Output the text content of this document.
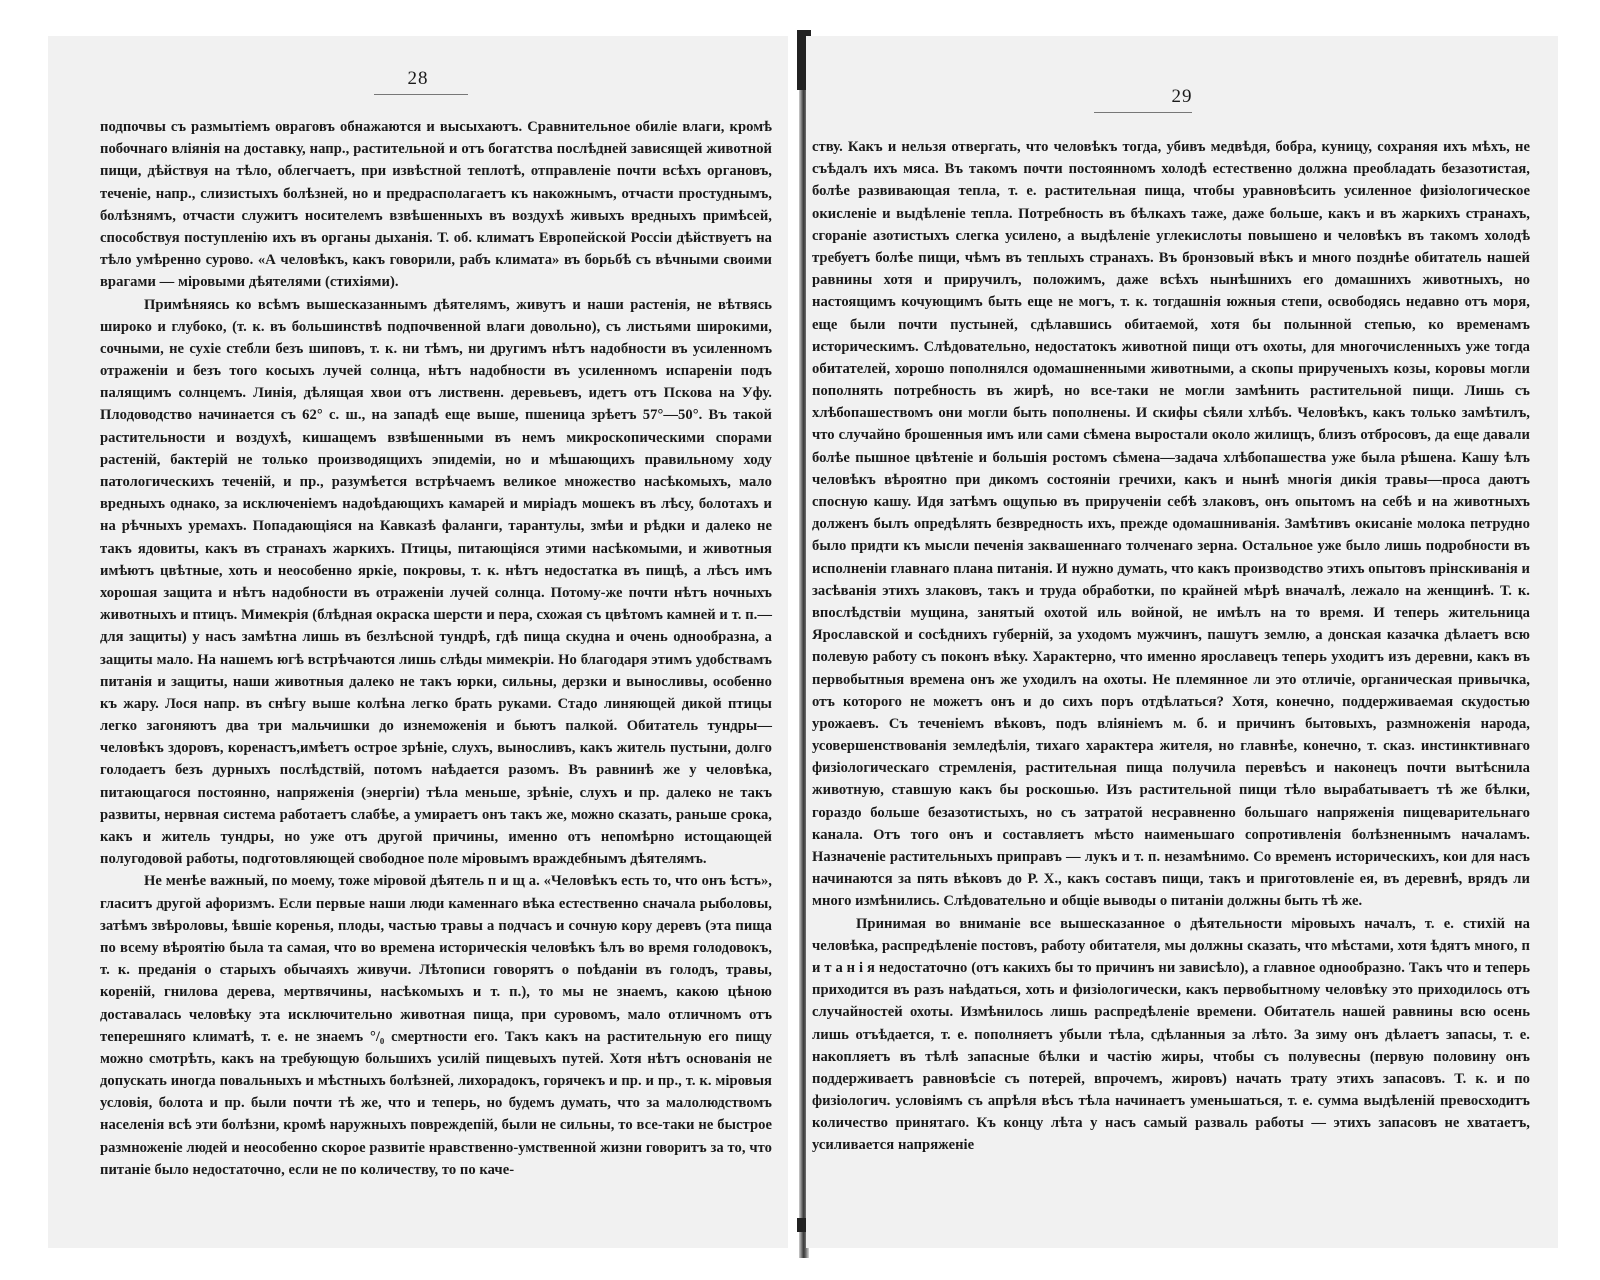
28

подпочвы съ размытіемъ овраговъ обнажаются и высыхаютъ. Сравнительное обиліе влаги, кромѣ побочнаго вліянія на доставку, напр., растительной и отъ богатства послѣдней зависящей животной пищи, дѣйствуя на тѣло, облегчаетъ, при извѣстной теплотѣ, отправленіе почти всѣхъ органовъ, теченіе, напр., слизистыхъ болѣзней, но и предрасполагаетъ къ накожнымъ, отчасти простуднымъ, болѣзнямъ, отчасти служитъ носителемъ взвѣшенныхъ въ воздухѣ живыхъ вредныхъ примѣсей, способствуя поступленію ихъ въ органы дыханія. Т. об. климатъ Европейской Россіи дѣйствуетъ на тѣло умѣренно сурово. «А человѣкъ, какъ говорили, рабъ климата» въ борьбѣ съ вѣчными своими врагами — міровыми дѣятелями (стихіями).

Примѣняясь ко всѣмъ вышесказаннымъ дѣятелямъ, живутъ и наши растенія, не вѣтвясь широко и глубоко, (т. к. въ большинствѣ подпочвенной влаги довольно), съ листьями широкими, сочными, не сухіе стебли безъ шиповъ, т. к. ни тѣмъ, ни другимъ нѣтъ надобности въ усиленномъ отраженіи и безъ того косыхъ лучей солнца, нѣтъ надобности въ усиленномъ испареніи подъ палящимъ солнцемъ. Линія, дѣлящая хвои отъ лиственн. деревьевъ, идетъ отъ Пскова на Уфу. Плодоводство начинается съ 62° с. ш., на западѣ еще выше, пшеница зрѣетъ 57°—50°. Въ такой растительности и воздухѣ, кишащемъ взвѣшенными въ немъ микроскопическими спорами растеній, бактерій не только производящихъ эпидеміи, но и мѣшающихъ правильному ходу патологическихъ теченій, и пр., разумѣется встрѣчаемъ великое множество насѣкомыхъ, мало вредныхъ однако, за исключеніемъ надоѣдающихъ камарей и миріадъ мошекъ въ лѣсу, болотахъ и на рѣчныхъ уремахъ. Попадающіяся на Кавказѣ фаланги, тарантулы, змѣи и рѣдки и далеко не такъ ядовиты, какъ въ странахъ жаркихъ. Птицы, питающіяся этими насѣкомыми, и животныя имѣютъ цвѣтные, хоть и неособенно яркіе, покровы, т. к. нѣтъ недостатка въ пищѣ, а лѣсъ имъ хорошая защита и нѣтъ надобности въ отраженіи лучей солнца. Потому-же почти нѣтъ ночныхъ животныхъ и птицъ. Мимекрія (блѣдная окраска шерсти и пера, схожая съ цвѣтомъ камней и т. п.—для защиты) у насъ замѣтна лишь въ безлѣсной тундрѣ, гдѣ пища скудна и очень однообразна, а защиты мало. На нашемъ югѣ встрѣчаются лишь слѣды мимекріи. Но благодаря этимъ удобствамъ питанія и защиты, наши животныя далеко не такъ юрки, сильны, дерзки и выносливы, особенно къ жару. Лося напр. въ снѣгу выше колѣна легко брать руками. Стадо линяющей дикой птицы легко загоняютъ два три мальчишки до изнеможенія и бьютъ палкой. Обитатель тундры—человѣкъ здоровъ, коренастъ,имѣетъ острое зрѣніе, слухъ, выносливъ, какъ житель пустыни, долго голодаетъ безъ дурныхъ послѣдствій, потомъ наѣдается разомъ. Въ равнинѣ же у человѣка, питающагося постоянно, напряженія (энергіи) тѣла меньше, зрѣніе, слухъ и пр. далеко не такъ развиты, нервная система работаетъ слабѣе, а умираетъ онъ такъ же, можно сказать, раньше срока, какъ и житель тундры, но уже отъ другой причины, именно отъ непомѣрно истощающей полугодовой работы, подготовляющей свободное поле міровымъ враждебнымъ дѣятелямъ.

Не менѣе важный, по моему, тоже міровой дѣятель п и щ а. «Человѣкъ есть то, что онъ ѣстъ», гласитъ другой афоризмъ. Если первые наши люди каменнаго вѣка естественно сначала рыболовы, затѣмъ звѣроловы, ѣвшіе коренья, плоды, частью травы а подчасъ и сочную кору деревъ (эта пища по всему вѣроятію была та самая, что во времена историческія человѣкъ ѣлъ во время голодовокъ, т. к. преданія о старыхъ обычаяхъ живучи. Лѣтописи говорятъ о поѣданіи въ голодъ, травы, кореній, гнилова дерева, мертвячины, насѣкомыхъ и т. п.), то мы не знаемъ, какою цѣною доставалась человѣку эта исключительно животная пища, при суровомъ, мало отличномъ отъ теперешняго климатѣ, т. е. не знаемъ °/₀ смертности его. Такъ какъ на растительную его пищу можно смотрѣть, какъ на требующую большихъ усилій пищевыхъ путей. Хотя нѣтъ основанія не допускать иногда повальныхъ и мѣстныхъ болѣзней, лихорадокъ, горячекъ и пр. и пр., т. к. міровыя условія, болота и пр. были почти тѣ же, что и теперь, но будемъ думать, что за малолюдствомъ населенія всѣ эти болѣзни, кромѣ наружныхъ повреждепій, были не сильны, то все-таки не быстрое размноженіе людей и неособенно скорое развитіе нравственно-умственной жизни говоритъ за то, что питаніе было недостаточно, если не по количеству, то по каче-

29

ству. Какъ и нельзя отвергать, что человѣкъ тогда, убивъ медвѣдя, бобра, куницу, сохраняя ихъ мѣхъ, не съѣдалъ ихъ мяса. Въ такомъ почти постоянномъ холодѣ естественно должна преобладать безазотистая, болѣе развивающая тепла, т. е. растительная пища, чтобы уравновѣсить усиленное физіологическое окисленіе и выдѣленіе тепла. Потребность въ бѣлкахъ таже, даже больше, какъ и въ жаркихъ странахъ, сгораніе азотистыхъ слегка усилено, а выдѣленіе углекислоты повышено и человѣкъ въ такомъ холодѣ требуетъ болѣе пищи, чѣмъ въ теплыхъ странахъ. Въ бронзовый вѣкъ и много позднѣе обитатель нашей равнины хотя и приручилъ, положимъ, даже всѣхъ нынѣшнихъ его домашнихъ животныхъ, но настоящимъ кочующимъ быть еще не могъ, т. к. тогдашнія южныя степи, освободясь недавно отъ моря, еще были почти пустыней, сдѣлавшись обитаемой, хотя бы полынной степью, ко временамъ историческимъ. Слѣдовательно, недостатокъ животной пищи отъ охоты, для многочисленныхъ уже тогда обитателей, хорошо пополнялся одомашненными животными, а скопы прирученыхъ козы, коровы могли пополнять потребность въ жирѣ, но все-таки не могли замѣнить растительной пищи. Лишь съ хлѣбопашествомъ они могли быть пополнены. И скифы сѣяли хлѣбъ. Человѣкъ, какъ только замѣтилъ, что случайно брошенныя имъ или сами сѣмена выростали около жилищъ, близъ отбросовъ, да еще давали болѣе пышное цвѣтеніе и большія ростомъ сѣмена—задача хлѣбопашества уже была рѣшена. Кашу ѣлъ человѣкъ вѣроятно при дикомъ состояніи гречихи, какъ и нынѣ многія дикія травы—проса даютъ спосную кашу. Идя затѣмъ ощупью въ прирученіи себѣ злаковъ, онъ опытомъ на себѣ и на животныхъ долженъ былъ опредѣлять безвредность ихъ, прежде одомашниванія. Замѣтивъ окисаніе молока петрудно было придти къ мысли печенія заквашеннаго толченаго зерна. Остальное уже было лишь подробности въ исполненіи главнаго плана питанія. И нужно думать, что какъ производство этихъ опытовъ прінскиванія и засѣванія этихъ злаковъ, такъ и труда обработки, по крайней мѣрѣ вначалѣ, лежало на женщинѣ. Т. к. впослѣдствіи мущина, занятый охотой иль войной, не имѣлъ на то время. И теперь жительница Ярославской и сосѣднихъ губерній, за уходомъ мужчинъ, пашутъ землю, а донская казачка дѣлаетъ всю полевую работу съ поконъ вѣку. Характерно, что именно ярославецъ теперь уходитъ изъ деревни, какъ въ первобытныя времена онъ же уходилъ на охоты. Не племянное ли это отличіе, органическая привычка, отъ которого не можетъ онъ и до сихъ поръ отдѣлаться? Хотя, конечно, поддерживаемая скудостью урожаевъ. Съ теченіемъ вѣковъ, подъ вліяніемъ м. б. и причинъ бытовыхъ, размноженія народа, усовершенствованія земледѣлія, тихаго характера жителя, но главнѣе, конечно, т. сказ. инстинктивнаго физіологическаго стремленія, растительная пища получила перевѣсъ и наконецъ почти вытѣснила животную, ставшую какъ бы роскошью. Изъ растительной пищи тѣло вырабатываетъ тѣ же бѣлки, гораздо больше безазотистыхъ, но съ затратой несравненно большаго напряженія пищеварительнаго канала. Отъ того онъ и составляетъ мѣсто наименьшаго сопротивленія болѣзненнымъ началамъ. Назначеніе растительныхъ приправъ — лукъ и т. п. незамѣнимо. Со временъ историческихъ, кои для насъ начинаются за пять вѣковъ до Р. Х., какъ составъ пищи, такъ и приготовленіе ея, въ деревнѣ, врядъ ли много измѣнились. Слѣдовательно и общіе выводы о питаніи должны быть тѣ же.

Принимая во вниманіе все вышесказанное о дѣятельности міровыхъ началъ, т. е. стихій на человѣка, распредѣленіе постовъ, работу обитателя, мы должны сказать, что мѣстами, хотя ѣдятъ много, п и т а н і я недостаточно (отъ какихъ бы то причинъ ни зависѣло), а главное однообразно. Такъ что и теперь приходится въ разъ наѣдаться, хоть и физіологически, какъ первобытному человѣку это приходилось отъ случайностей охоты. Измѣнилось лишь распредѣленіе времени. Обитатель нашей равнины всю осень лишь отъѣдается, т. е. пополняетъ убыли тѣла, сдѣланныя за лѣто. За зиму онъ дѣлаетъ запасы, т. е. накопляетъ въ тѣлѣ запасные бѣлки и частію жиры, чтобы съ полувесны (первую половину онъ поддерживаетъ равновѣсіе съ потерей, впрочемъ, жировъ) начать трату этихъ запасовъ. Т. к. и по физіологич. условіямъ съ апрѣля вѣсъ тѣла начинаетъ уменьшаться, т. е. сумма выдѣленій превосходитъ количество принятаго. Къ концу лѣта у насъ самый разваль работы — этихъ запасовъ не хватаетъ, усиливается напряженіе
